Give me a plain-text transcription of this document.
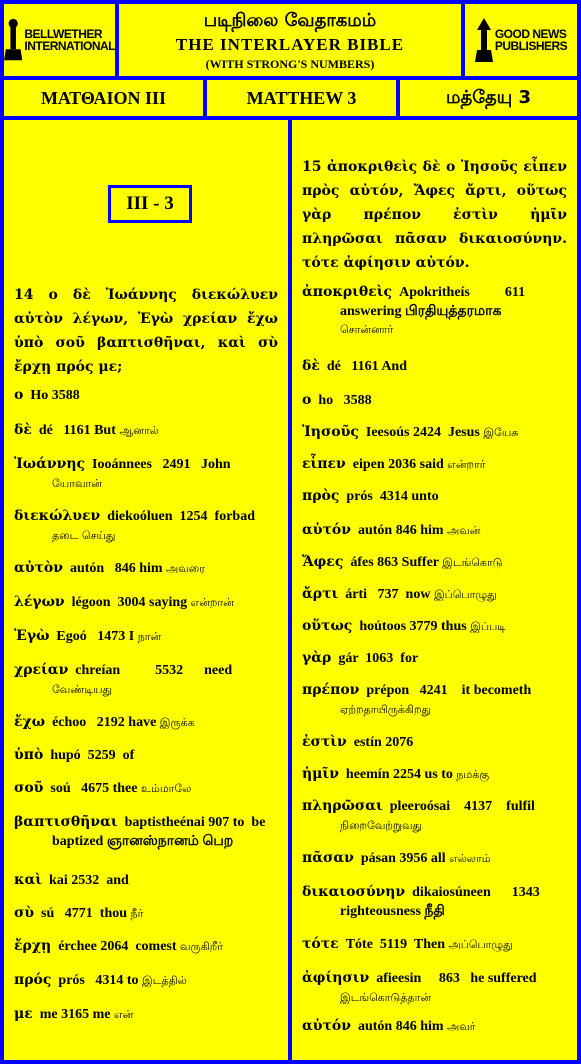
BELLWETHER
INTERNATIONAL
படிநிலை வேதாகமம்
THE INTERLAYER BIBLE
(WITH STRONG'S NUMBERS)
GOOD NEWS
PUBLISHERS
ΜΑΤΘΑΙΟΝ III	MATTHEW 3	மத்தேயு 3
III - 3
14 ο δὲ Ἰωάννης διεκώλυεν αὐτὸν λέγων, Ἐγὼ χρείαν ἔχω ὑπὸ σοῦ βαπτισθῆναι, καὶ σὺ ἔρχῃ πρός με;
ο  Ho 3588
δὲ  dé   1161 But ஆனால்
Ἰωάννης  Iooánnees   2491   John
யோவான்
διεκώλυεν  diekoóluen  1254  forbad
தடை செய்து
αὐτὸν  autón   846 him அவரை
λέγων  légoon  3004 saying என்றான்
Ἐγὼ  Egoó   1473 I நான்
χρείαν  chreían          5532      need
வேண்டியது
ἔχω  échoo   2192 have இருக்க
ὑπὸ  hupó  5259  of
σοῦ  soú   4675 thee உம்மாலே
βαπτισθῆναι  baptistheénai 907 to  be
baptized ஞானஸ்நானம் பெற
καὶ  kai 2532  and
σὺ  sú   4771  thou நீர்
ἔρχῃ  érchee 2064  comest வருகிறீர்
πρός  prós   4314 to இடத்தில்
με  me 3165 me என்
15 ἀποκριθεὶς δὲ ο Ἰησοῦς εἶπεν πρὸς αὐτόν, Ἄφες ἄρτι, οὕτως γὰρ πρέπον ἐστὶν ἡμῖν πληρῶσαι πᾶσαν δικαιοσύνην. τότε ἀφίησιν αὐτόν.
ἀποκριθεὶς  Apokritheís          611
answering பிரதியுத்தரமாக
சொன்னார்
δὲ  dé   1161 And
ο  ho   3588
Ἰησοῦς  Ieesoús 2424  Jesus இயேசு
εἶπεν  eipen 2036 said என்றார்
πρὸς  prós  4314 unto
αὐτόν  autón 846 him அவன்
Ἄφες  áfes 863 Suffer இடங்கொடு
ἄρτι  árti   737  now இப்பொழுது
οὕτως  hoútoos 3779 thus இப்படி
γὰρ  gár  1063  for
πρέπον  prépon   4241    it becometh
ஏற்றதாயிருக்கிறது
ἐστὶν  estín 2076
ἡμῖν  heemín 2254 us to நமக்கு
πληρῶσαι  pleeroósai    4137    fulfil
நிறைவேற்றுவது
πᾶσαν  pásan 3956 all எல்லாம்
δικαιοσύνην  dikaiosúneen      1343
righteousness நீதி
τότε  Tóte  5119  Then அப்பொழுது
ἀφίησιν  afieesin     863   he suffered
இடங்கொடுத்தான்
αὐτόν  autón 846 him அவர்
